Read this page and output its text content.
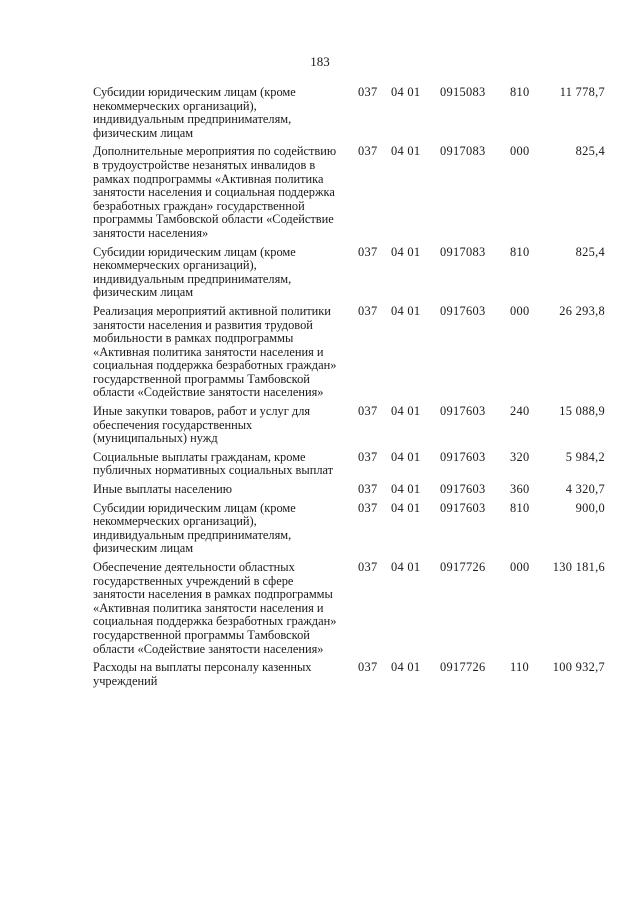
183
Субсидии юридическим лицам (кроме некоммерческих организаций), индивидуальным предпринимателям, физическим лицам	037	04 01	0915083	810	11 778,7
Дополнительные мероприятия по содействию в трудоустройстве незанятых инвалидов в рамках подпрограммы «Активная политика занятости населения и социальная поддержка безработных граждан» государственной программы Тамбовской области «Содействие занятости населения»	037	04 01	0917083	000	825,4
Субсидии юридическим лицам (кроме некоммерческих организаций), индивидуальным предпринимателям, физическим лицам	037	04 01	0917083	810	825,4
Реализация мероприятий активной политики занятости населения и развития трудовой мобильности в рамках подпрограммы «Активная политика занятости населения и социальная поддержка безработных граждан» государственной программы Тамбовской области «Содействие занятости населения»	037	04 01	0917603	000	26 293,8
Иные закупки товаров, работ и услуг для обеспечения государственных (муниципальных) нужд	037	04 01	0917603	240	15 088,9
Социальные выплаты гражданам, кроме публичных нормативных социальных выплат	037	04 01	0917603	320	5 984,2
Иные выплаты населению	037	04 01	0917603	360	4 320,7
Субсидии юридическим лицам (кроме некоммерческих организаций), индивидуальным предпринимателям, физическим лицам	037	04 01	0917603	810	900,0
Обеспечение деятельности областных государственных учреждений в сфере занятости населения в рамках подпрограммы «Активная политика занятости населения и социальная поддержка безработных граждан» государственной программы Тамбовской области «Содействие занятости населения»	037	04 01	0917726	000	130 181,6
Расходы на выплаты персоналу казенных учреждений	037	04 01	0917726	110	100 932,7
